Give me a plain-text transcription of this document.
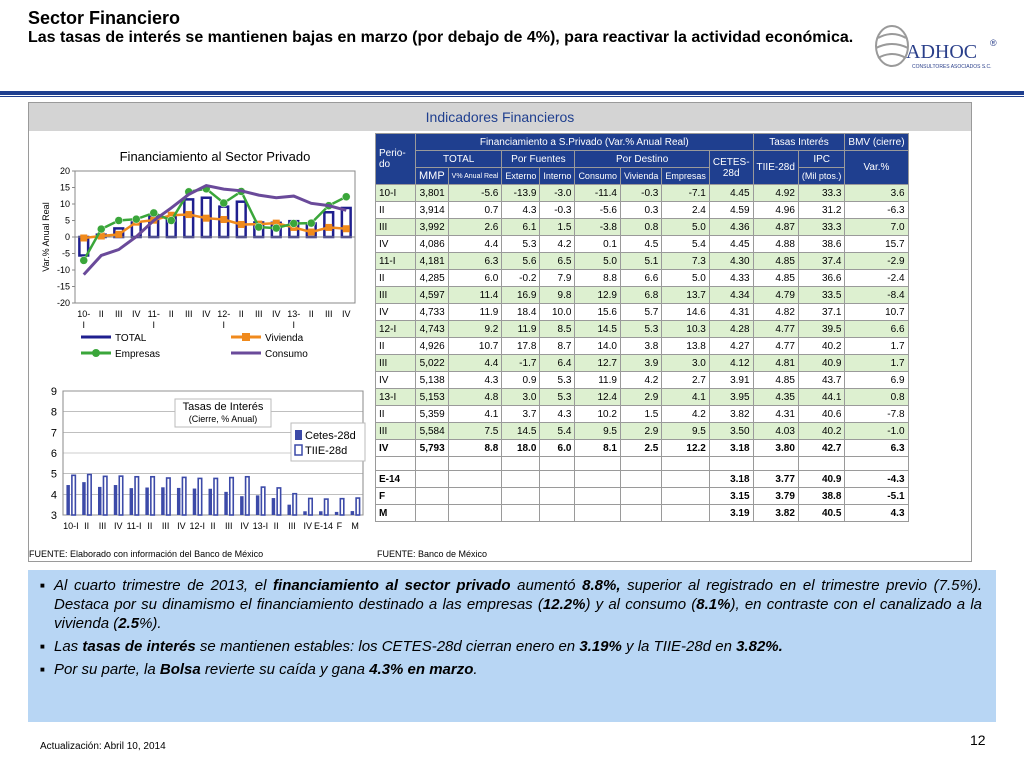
Sector Financiero
Las tasas de interés se mantienen bajas en marzo (por debajo de 4%), para reactivar la actividad económica.
ADHOC ®
CONSULTORES ASOCIADOS S.C.
Indicadores Financieros
Financiamiento al Sector Privado
20
15
10
5
0
-5
-10
-15
-20
Var.% Anual Real
10-
I
II III IV 11-
I
II III IV 12-
I
II III IV 13-
I
II III IV
TOTAL	Vivienda
Empresas	Consumo
9
8
7
6
5
4
3
10-I II III IV 11-I II III IV 12-I II III IV 13-I II III IV E-14 F M
Tasas de Interés
(Cierre, % Anual)
Cetes-28d
TIIE-28d
FUENTE: Elaborado con información del Banco de México	FUENTE: Banco de México
Perio-
do	Financiamiento a S.Privado (Var.% Anual Real)								Tasas Interés		BMV (cierre)
	TOTAL		Por Fuentes		Por Destino			CETES-
28d	TIIE-28d	IPC	Var.%
	MMP	V% Anual Real	Externo	Interno	Consumo	Vivienda	Empresas			(Mil ptos.)	
10-I	3,801	-5.6	-13.9	-3.0	-11.4	-0.3	-7.1	4.45	4.92	33.3	3.6
II	3,914	0.7	4.3	-0.3	-5.6	0.3	2.4	4.59	4.96	31.2	-6.3
III	3,992	2.6	6.1	1.5	-3.8	0.8	5.0	4.36	4.87	33.3	7.0
IV	4,086	4.4	5.3	4.2	0.1	4.5	5.4	4.45	4.88	38.6	15.7
11-I	4,181	6.3	5.6	6.5	5.0	5.1	7.3	4.30	4.85	37.4	-2.9
II	4,285	6.0	-0.2	7.9	8.8	6.6	5.0	4.33	4.85	36.6	-2.4
III	4,597	11.4	16.9	9.8	12.9	6.8	13.7	4.34	4.79	33.5	-8.4
IV	4,733	11.9	18.4	10.0	15.6	5.7	14.6	4.31	4.82	37.1	10.7
12-I	4,743	9.2	11.9	8.5	14.5	5.3	10.3	4.28	4.77	39.5	6.6
II	4,926	10.7	17.8	8.7	14.0	3.8	13.8	4.27	4.77	40.2	1.7
III	5,022	4.4	-1.7	6.4	12.7	3.9	3.0	4.12	4.81	40.9	1.7
IV	5,138	4.3	0.9	5.3	11.9	4.2	2.7	3.91	4.85	43.7	6.9
13-I	5,153	4.8	3.0	5.3	12.4	2.9	4.1	3.95	4.35	44.1	0.8
II	5,359	4.1	3.7	4.3	10.2	1.5	4.2	3.82	4.31	40.6	-7.8
III	5,584	7.5	14.5	5.4	9.5	2.9	9.5	3.50	4.03	40.2	-1.0
IV	5,793	8.8	18.0	6.0	8.1	2.5	12.2	3.18	3.80	42.7	6.3

E-14								3.18	3.77	40.9	-4.3
F								3.15	3.79	38.8	-5.1
M								3.19	3.82	40.5	4.3
■ Al cuarto trimestre de 2013, el financiamiento al sector privado aumentó 8.8%, superior al registrado en el trimestre previo (7.5%). Destaca por su dinamismo el financiamiento destinado a las empresas (12.2%) y al consumo (8.1%), en contraste con el canalizado a la vivienda (2.5%).
■ Las tasas de interés se mantienen estables: los CETES-28d cierran enero en 3.19% y la TIIE-28d en 3.82%.
■ Por su parte, la Bolsa revierte su caída y gana 4.3% en marzo.
Actualización: Abril 10, 2014	12
